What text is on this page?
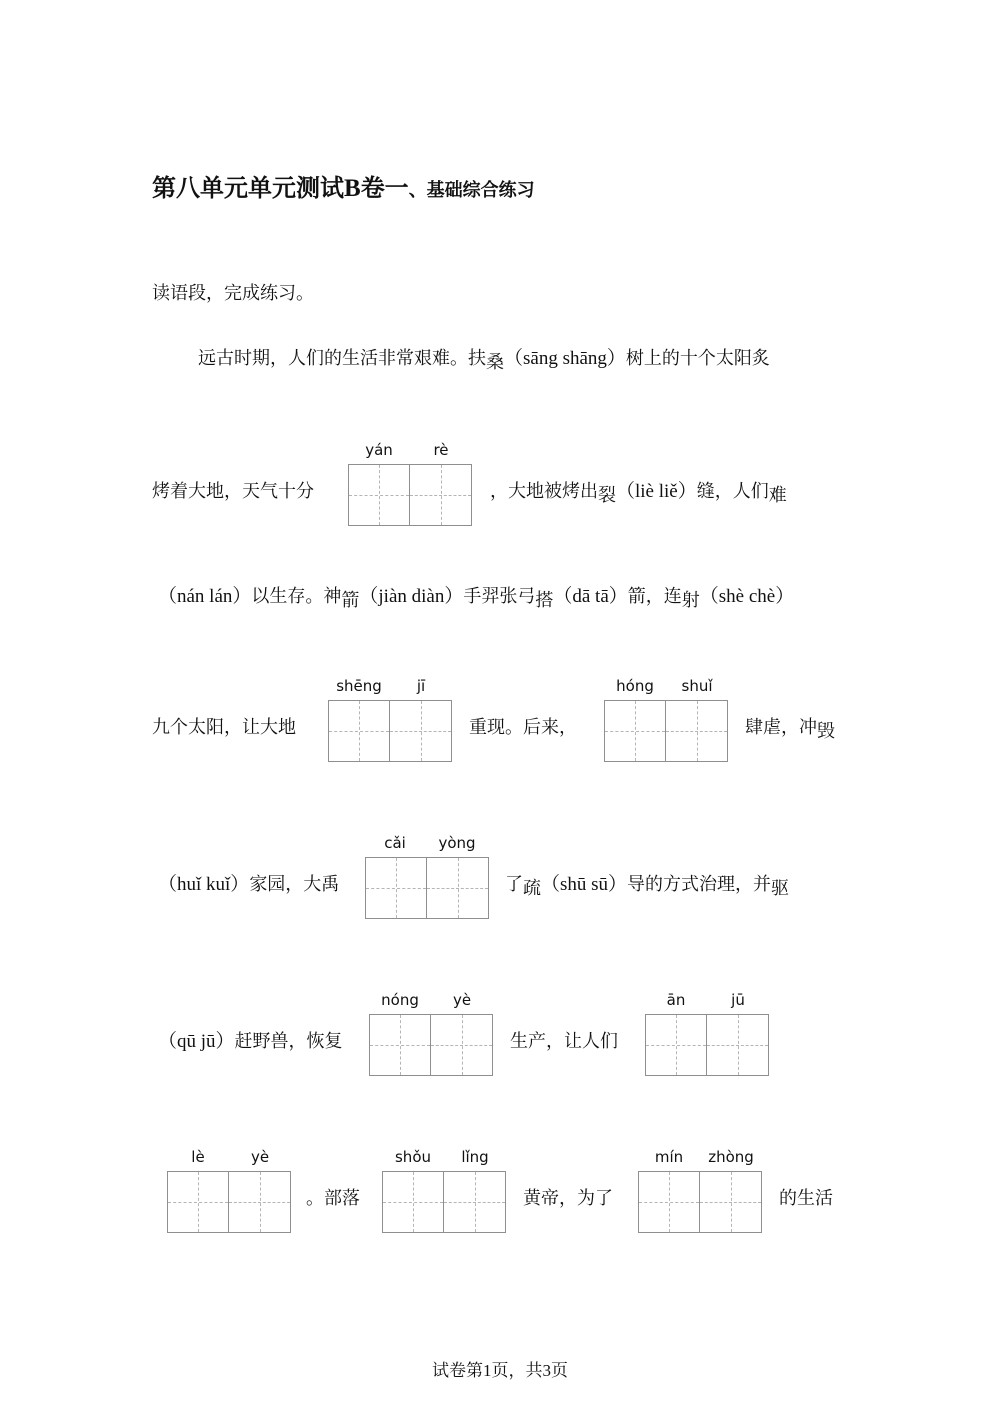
第八单元单元测试B卷一、基础综合练习
读语段，完成练习。
远古时期，人们的生活非常艰难。扶桑（sāng shāng）树上的十个太阳炙
烤着大地，天气十分
yán	rè
，大地被烤出裂（liè liě）缝，人们难
（nán lán）以生存。神箭（jiàn diàn）手羿张弓搭（dā tā）箭，连射（shè chè）
九个太阳，让大地
shēng jī
重现。后来，
hóng shuǐ
肆虐，冲毁
（huǐ kuǐ）家园，大禹
cǎi yòng
了疏（shū sū）导的方式治理，并驱
（qū jū）赶野兽，恢复
nóng yè
生产，让人们
ān	jū
lè	yè
。部落
shǒu lǐng
黄帝，为了
mín zhòng
的生活
试卷第1页，共3页
